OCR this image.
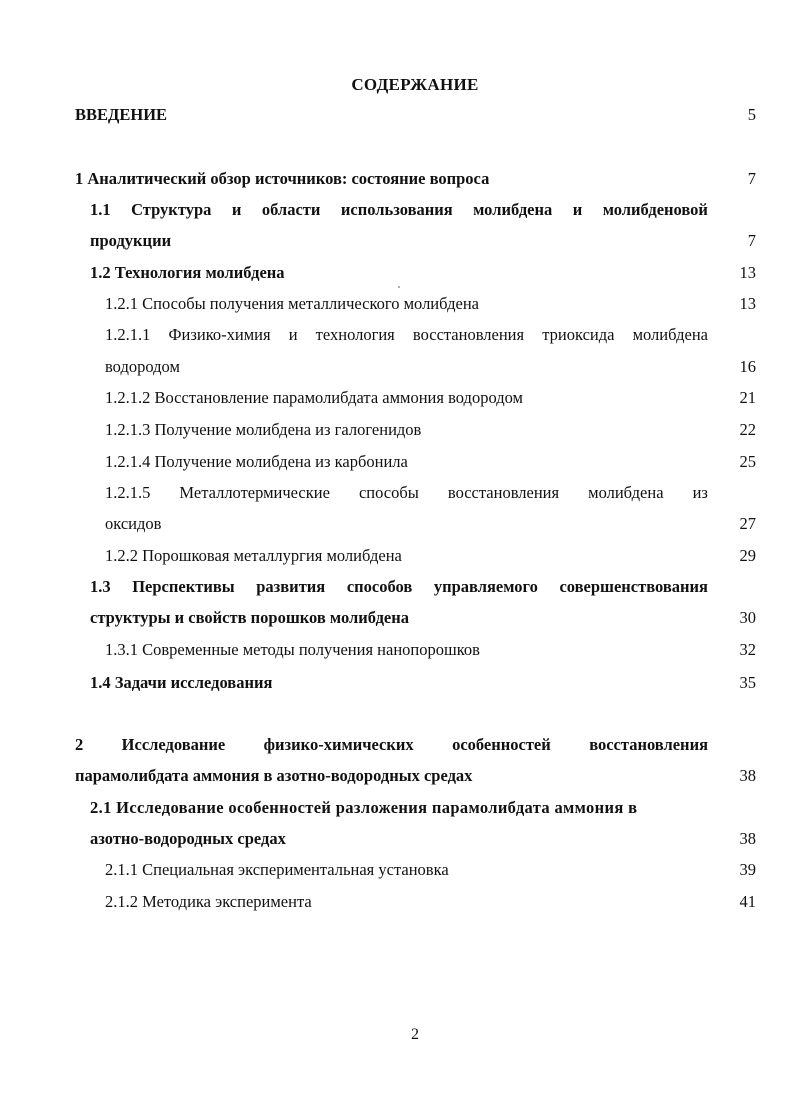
СОДЕРЖАНИЕ
ВВЕДЕНИЕ	5
1 Аналитический обзор источников: состояние вопроса	7
1.1 Структура и области использования молибдена и молибденовой
продукции	7
1.2 Технология молибдена	13
1.2.1 Способы получения металлического молибдена	13
1.2.1.1 Физико-химия и технология восстановления триоксида молибдена
водородом	16
1.2.1.2 Восстановление парамолибдата аммония водородом	21
1.2.1.3 Получение молибдена из галогенидов	22
1.2.1.4 Получение молибдена из карбонила	25
1.2.1.5 Металлотермические способы восстановления молибдена из
оксидов	27
1.2.2 Порошковая металлургия молибдена	29
1.3 Перспективы развития способов управляемого совершенствования
структуры и свойств порошков молибдена	30
1.3.1 Современные методы получения нанопорошков	32
1.4 Задачи исследования	35
2 Исследование физико-химических особенностей восстановления
парамолибдата аммония в азотно-водородных средах	38
2.1 Исследование особенностей разложения парамолибдата аммония в
азотно-водородных средах	38
2.1.1 Специальная экспериментальная установка	39
2.1.2 Методика эксперимента	41
2
